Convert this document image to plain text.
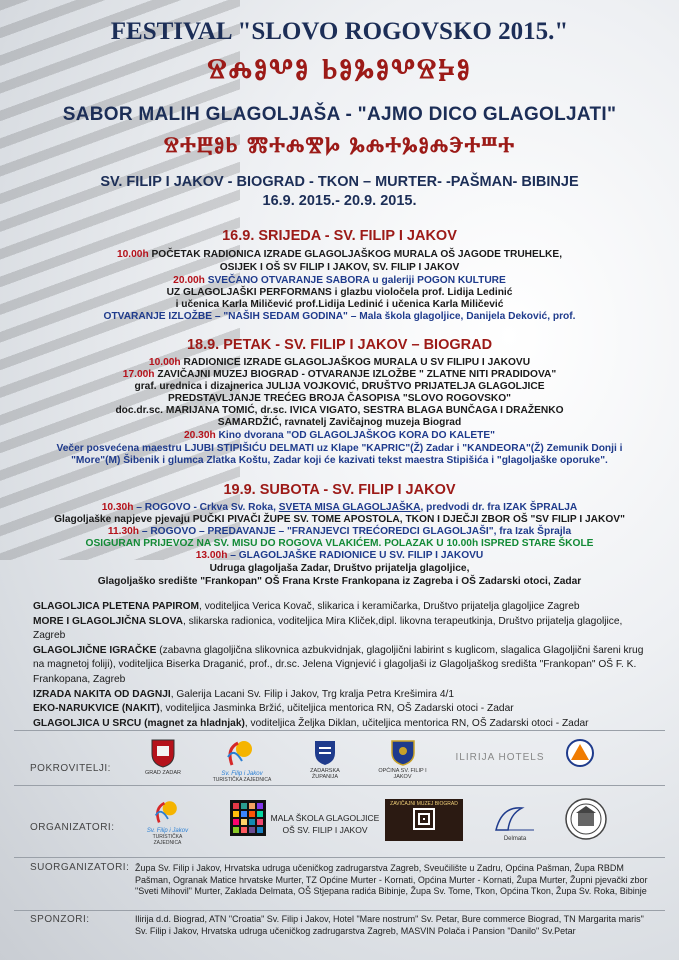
FESTIVAL "SLOVO ROGOVSKO 2015."
ⰔⰎⰑⰂⰑ ⰓⰑⰃⰑⰂⰔⰍⰑ
SABOR MALIH GLAGOLJAŠA - "AJMO DICO GLAGOLJATI"
ⰔⰀⰁⰑⰓ ⰏⰀⰎⰊⰘ ⰃⰎⰀⰃⰑⰎⰅⰀⰞⰀ
SV. FILIP I JAKOV - BIOGRAD - TKON – MURTER- -PAŠMAN- BIBINJE
16.9. 2015.- 20.9. 2015.
16.9. SRIJEDA - SV. FILIP I JAKOV
10.00h POČETAK RADIONICA IZRADE GLAGOLJAŠKOG MURALA OŠ JAGODE TRUHELKE,
OSIJEK I OŠ SV FILIP I JAKOV, SV. FILIP I JAKOV
20.00h SVEČANO OTVARANJE SABORA u galeriji POGON KULTURE
UZ GLAGOLJAŠKI PERFORMANS i glazbu violočela prof. Lidija Ledinić
i učenica Karla Miličević prof.Lidija Ledinić i učenica Karla Miličević
OTVARANJE IZLOŽBE – "NAŠIH SEDAM GODINA" – Mala škola glagoljice, Danijela Deković, prof.
18.9. PETAK - SV. FILIP I JAKOV – BIOGRAD
10.00h RADIONICE IZRADE GLAGOLJAŠKOG MURALA U SV FILIPU I JAKOVU
17.00h ZAVIČAJNI MUZEJ BIOGRAD - OTVARANJE IZLOŽBE " ZLATNE NITI PRADIDOVA"
graf. urednica i dizajnerica JULIJA VOJKOVIĆ, DRUŠTVO PRIJATELJA GLAGOLJICE
PREDSTAVLJANJE TREĆEG BROJA ČASOPISA "SLOVO ROGOVSKO"
doc.dr.sc. MARIJANA TOMIĆ, dr.sc. IVICA VIGATO, SESTRA BLAGA BUNČAGA I DRAŽENKO
SAMARDŽIĆ, ravnatelj Zavičajnog muzeja Biograd
20.30h Kino dvorana "OD GLAGOLJAŠKOG KORA DO KALETE"
Večer posvećena maestru LJUBI STIPIŠIĆU DELMATI uz Klape "KAPRIC"(Ž) Zadar i "KANDEORA"(Ž) Zemunik Donji i
"More"(M) Šibenik i glumca Zlatka Koštu, Zadar koji će kazivati tekst maestra Stipišića i "glagoljaške oporuke".
19.9. SUBOTA - SV. FILIP I JAKOV
10.30h – ROGOVO - Crkva Sv. Roka, SVETA MISA GLAGOLJAŠKA, predvodi dr. fra IZAK ŠPRALJA
Glagoljaške napjeve pjevaju PUČKI PIVAČI ŽUPE SV. TOME APOSTOLA, TKON I DJEČJI ZBOR OŠ "SV FILIP I JAKOV"
11.30h – ROGOVO – PREDAVANJE – "FRANJEVCI TREĆOREDCI GLAGOLJAŠI", fra Izak Šprajla
OSIGURAN PRIJEVOZ NA SV. MISU DO ROGOVA VLAKIĆEM. POLAZAK U 10.00h ISPRED STARE ŠKOLE
13.00h – GLAGOLJAŠKE RADIONICE U SV. FILIP I JAKOVU
Udruga glagoljaša Zadar, Društvo prijatelja glagoljice,
Glagoljaško središte "Frankopan" OŠ Frana Krste Frankopana iz Zagreba i OŠ Zadarski otoci, Zadar
GLAGOLJICA PLETENA PAPIROM, voditeljica Verica Kovač, slikarica i keramičarka, Društvo prijatelja glagoljice Zagreb
MORE I GLAGOLJIČNA SLOVA, slikarska radionica, voditeljica Mira Kliček,dipl. likovna terapeutkinja, Društvo prijatelja glagoljice, Zagreb
GLAGOLJIČNE IGRAČKE (zabavna glagoljična slikovnica azbukvidnjak, glagoljični labirint s kuglicom, slagalica Glagoljični šareni krug na magnetoj foliji), voditeljica Biserka Draganić, prof., dr.sc. Jelena Vignjević i glagoljaši iz Glagoljaškog središta "Frankopan" OŠ F. K. Frankopana, Zagreb
IZRADA NAKITA OD DAGNJI, Galerija Lacani Sv. Filip i Jakov, Trg kralja Petra Krešimira 4/1
EKO-NARUKVICE (NAKIT), voditeljica Jasminka Bržić, učiteljica mentorica RN, OŠ Zadarski otoci - Zadar
GLAGOLJICA U SRCU (magnet za hladnjak), voditeljica Željka Diklan, učiteljica mentorica RN, OŠ Zadarski otoci - Zadar
POKROVITELJI:	GRAD ZADAR	Sv. Filip i Jakov
TURISTIČKA ZAJEDNICA
ZADARSKA ŽUPANIJA
OPĆINA SV. FILIP I JAKOV
ILIRIJA HOTELS
ORGANIZATORI:	Sv. Filip i Jakov
TURISTIČKA ZAJEDNICA
MALA ŠKOLA GLAGOLJICE
OŠ SV. FILIP I JAKOV
ZAVIČAJNI MUZEJ BIOGRAD
Delmata
SUORGANIZATORI: Župa Sv. Filip i Jakov, Hrvatska udruga učeničkog zadrugarstva Zagreb, Sveučilište u Zadru, Općina Pašman, Župa RBDM Pašman, Ogranak Matice hrvatske Murter, TZ Općine Murter - Kornati, Općina Murter - Kornati, Župa Murter, Župni pjevački zbor "Sveti Mihovil" Murter, Zaklada Delmata, OŠ Stjepana radića Bibinje, Župa Sv. Tome, Tkon, Općina Tkon, Župa Sv. Roka, Bibinje
SPONZORI:	Ilirija d.d. Biograd, ATN "Croatia" Sv. Filip i Jakov, Hotel "Mare nostrum" Sv. Petar, Bure commerce Biograd, TN Margarita maris" Sv. Filip i Jakov, Hrvatska udruga učeničkog zadrugarstva Zagreb, MASVIN Polača i Pansion "Danilo" Sv.Petar
